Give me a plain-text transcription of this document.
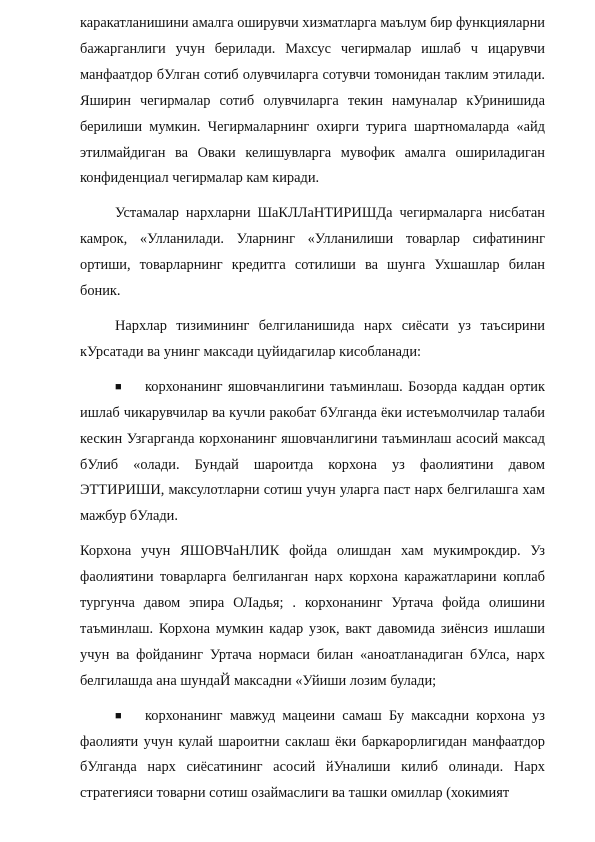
каракатланишини амалга оширувчи хизматларга маълум бир функцияларни бажарганлиги учун берилади. Махсус чегирмалар ишлаб ч ицарувчи манфаатдор бУлган сотиб олувчиларга сотувчи томонидан таклим этилади. Яширин чегирмалар сотиб олувчиларга текин намуналар кУринишида берилиши мумкин. Чегирмаларнинг охирги турига шартномаларда «айд этилмайдиган ва Оваки келишувларга мувофик амалга ошириладиган конфиденциал чегирмалар кам киради.

Устамалар нархларни ШаКЛЛаНТИРИШДа чегирмаларга нисбатан камрок, «Улланилади. Уларнинг «Улланилиши товарлар сифатининг ортиши, товарларнинг кредитга сотилиши ва шунга Ухшашлар билан боник.

Нархлар тизимининг белгиланишида нарх сиёсати уз таъсирини кУрсатади ва унинг максади цуйидагилар кисобланади:

■ корхонанинг яшовчанлигини таъминлаш. Бозорда каддан ортик ишлаб чикарувчилар ва кучли ракобат бУлганда ёки истеъмолчилар талаби кескин Узгарганда корхонанинг яшовчанлигини таъминлаш асосий максад бУлиб «олади. Бундай шароитда корхона уз фаолиятини давом ЭТТИРИШИ, максулотларни сотиш учун уларга паст нарх белгилашга хам мажбур бУлади.

Корхона учун ЯШОВЧаНЛИК фойда олишдан хам мукимрокдир. Уз фаолиятини товарларга белгиланган нарх корхона каражатларини коплаб тургунча давом эпира ОЛадья; . корхонанинг Уртача фойда олишини таъминлаш. Корхона мумкин кадар узок, вакт давомида зиёнсиз ишлаши учун ва фойданинг Уртача нормаси билан «аноатланадиган бУлса, нарх белгилашда ана шундаЙ максадни «Уйиши лозим булади;

■ корхонанинг мавжуд мацеини самаш Бу максадни корхона уз фаолияти учун кулай шароитни саклаш ёки баркарорлигидан манфаатдор бУлганда нарх сиёсатининг асосий йУналиши килиб олинади. Нарх стратегияси товарни сотиш озаймаслиги ва ташки омиллар (хокимият
